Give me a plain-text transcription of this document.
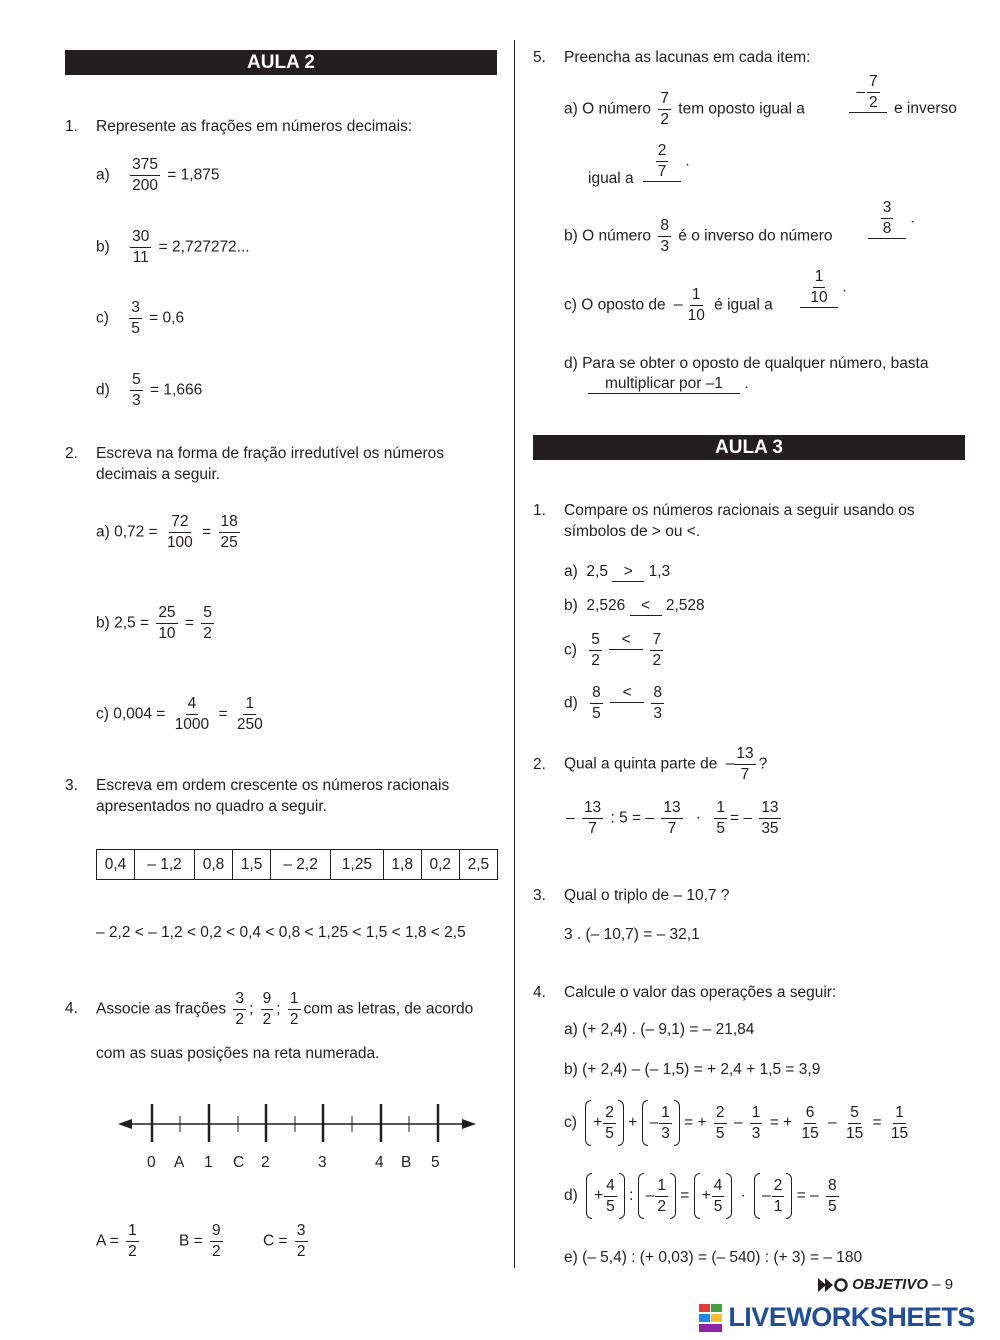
AULA 2
1. Represente as frações em números decimais:
$a) \frac{375}{200} = 1,875$
$b) \frac{30}{11} = 2,727272$...
$c) \frac{3}{5} = 0,6$
$d) \frac{5}{3} = 1,666$
2. Escreva na forma de fração irredutível os números
decimais a seguir.
a) $0,72 = \frac{72}{100} = \frac{18}{25}$
b) $2,5 = \frac{25}{10} = \frac{5}{2}$
c) $0,004 = \frac{4}{1000} = \frac{1}{250}$
3. Escreva em ordem crescente os números racionais
apresentados no quadro a seguir.
0,4	– 1,2	0,8	1,5	– 2,2	1,25	1,8	0,2	2,5
– 2,2 < – 1,2 < 0,2 < 0,4 < 0,8 < 1,25 < 1,5 < 1,8 < 2,5
4. Associe as frações $\frac{3}{2}$ ; $\frac{9}{2}$ ; $\frac{1}{2}$ com as letras, de acordo
com as suas posições na reta numerada.
0 A 1 C 2	3	4 B 5
$A = \frac{1}{2}$	$B = \frac{9}{2}$	$C = \frac{3}{2}$
5. Preencha as lacunas em cada item:
a) O número $\frac{7}{2}$ tem oposto igual a
– $\frac{7}{2}$ e inverso
igual a $\frac{2}{7}$ .
b) O número $\frac{8}{3}$ é o inverso do número	$\frac{3}{8}$ .
c) O oposto de – $\frac{1}{10}$ é igual a $\frac{1}{10}$ .
d) Para se obter o oposto de qualquer número, basta
multiplicar por –1 .
AULA 3
1. Compare os números racionais a seguir usando os
símbolos de > ou <.
a) 2,5 > 1,3
b) 2,526 < 2,528
$c) \frac{5}{2} < \frac{7}{2}$
$d) \frac{8}{5} < \frac{8}{3}$
2. Qual a quinta parte de – $\frac{13}{7}$ ?
– $\frac{13}{7}$ : 5 = – $\frac{13}{7} \cdot \frac{1}{5}$ = – $\frac{13}{35}$
3. Qual o triplo de – 10,7 ?
3 . (– 10,7) = – 32,1
4. Calcule o valor das operações a seguir:
a) (+ 2,4) . (– 9,1) = – 21,84
b) (+ 2,4) – (– 1,5) = + 2,4 + 1,5 = 3,9
$c) + \frac{2}{5}$ + –
1
3
= + $\frac{2}{5} - \frac{1}{3}$ = + $\frac{6}{15} - \frac{5}{15} = \frac{1}{15}$
$d) + \frac{4}{5}$ : –
1
2
= + $\frac{4}{5}$ · –
2
1
= – $\frac{8}{5}$
e) (– 5,4) : (+ 0,03) = (– 540) : (+ 3) = – 180
OBJETIVO – 9
LIVEWORKSHEETS
